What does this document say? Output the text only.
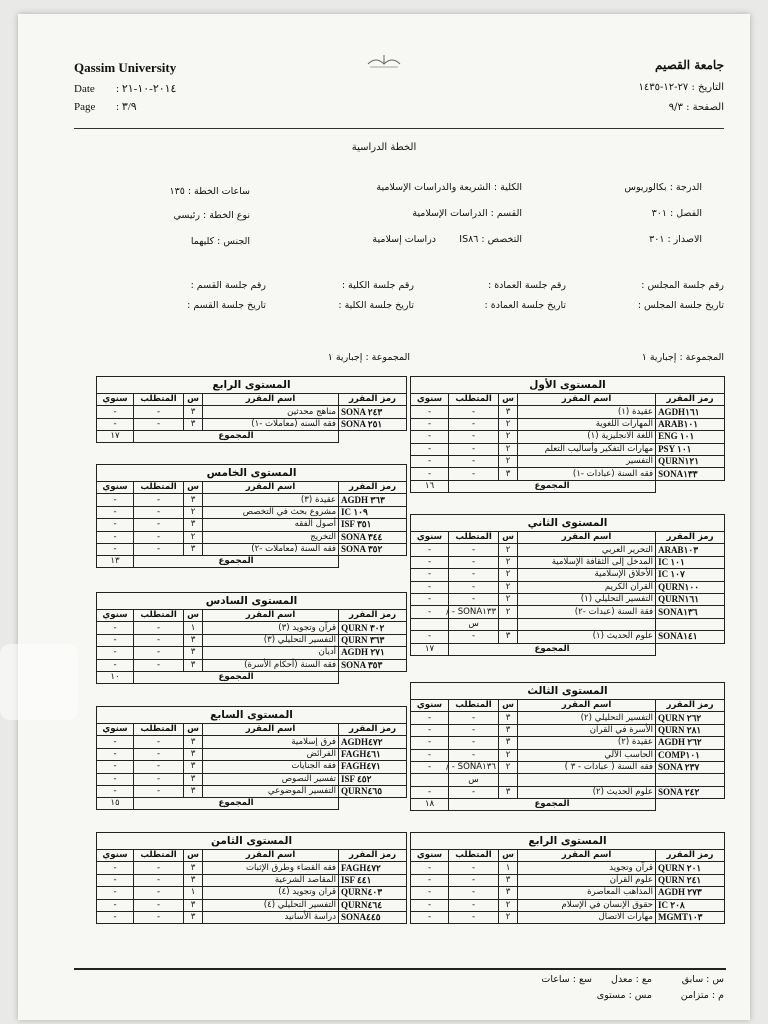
Qassim University
Date : ٢٠١٤-١٠-٢١
Page : ٣/٩
جامعة القصيم
التاريخ : ٢٧-١٢-١٤٣٥
الصفحة : ٩/٣
الخطة الدراسية
الدرجة : بكالوريوس
الكلية : الشريعة والدراسات الإسلامية
ساعات الخطة : ١٣٥
الفصل : ٣٠١
القسم : الدراسات الإسلامية
نوع الخطة : رئيسي
الاصدار : ٣٠١
التخصص : IS٨٦
دراسات إسلامية
الجنس : كليهما
رقم جلسة المجلس :
رقم جلسة العمادة :
رقم جلسة الكلية :
رقم جلسة القسم :
تاريخ جلسة المجلس :
تاريخ جلسة العمادة :
تاريخ جلسة الكلية :
تاريخ جلسة القسم :
المجموعة : إجبارية ١
المجموعة : إجبارية ١
المستوى الأول				
رمز المقرر	اسم المقرر	س	المتطلب	سنوي
AGDH١٦١	عقيدة (١)	٣	-	-
ARAB١٠١	المهارات اللغوية	٢	-	-
ENG ١٠١	اللغة الانجليزية (١)	٢	-	-
PSY ١٠١	مهارات التفكير وأساليب التعلم	٢	-	-
QURN١٢١	التفسير	٢	-	-
SONA١٣٣	فقه السنة (عبادات -١)	٣	-	-
	المجموع			١٦
المستوى الثاني				
رمز المقرر	اسم المقرر	س	المتطلب	سنوي
ARAB١٠٣	التحرير العربي	٢	-	-
IC ١٠١	المدخل إلى الثقافة الإسلامية	٢	-	-
IC ١٠٧	الأخلاق الإسلامية	٢	-	-
QURN١٠٠	القرآن الكريم	٢	-	-
QURN١٦١	التفسير التحليلي (١)	٢	-	-
SONA١٣٦	فقة السنة (عبدات -٢)	٢	SONA١٣٣ - /	-
			س	
SONA١٤١	علوم الحديث (١)	٣	-	-
	المجموع			١٧
المستوى الثالث				
رمز المقرر	اسم المقرر	س	المتطلب	سنوي
QURN ٢٦٢	التفسير التحليلي (٢)	٣	-	-
QURN ٢٨١	الأسرة في القرآن	٣	-	-
AGDH ٢٦٢	عقيدة (٢)	٣	-	-
COMP١٠١	الحاسب الآلي	٢	-	-
SONA ٢٣٧	فقه السنة ( عبادات - ٣ )	٢	SONA١٣٦ - /	-
			س	
SONA ٢٤٢	علوم الحديث (٢)	٣	-	-
	المجموع			١٨
المستوى الرابع				
رمز المقرر	اسم المقرر	س	المتطلب	سنوي
QURN ٢٠١	قرآن وتجويد	١	-	-
QURN ٢٤١	علوم القرآن	٣	-	-
AGDH ٢٧٣	المذاهب المعاصرة	٣	-	-
IC ٢٠٨	حقوق الإنسان في الإسلام	٢	-	-
MGMT١٠٣	مهارات الاتصال	٢	-	-
المستوى الرابع				
رمز المقرر	اسم المقرر	س	المتطلب	سنوي
SONA ٢٤٣	مناهج محدثين	٣	-	-
SONA ٢٥١	فقه السنه (معاملات -١)	٣	-	-
	المجموع			١٧
المستوى الخامس				
رمز المقرر	اسم المقرر	س	المتطلب	سنوي
AGDH ٣٦٣	عقيدة (٣)	٣	-	-
IC ١٠٩	مشروع بحث في التخصص	٢	-	-
ISF ٣٥١	أصول الفقه	٣	-	-
SONA ٣٤٤	التخريج	٢	-	-
SONA ٣٥٢	فقه السنة (معاملات -٢)	٣	-	-
	المجموع			١٣
المستوى السادس				
رمز المقرر	اسم المقرر	س	المتطلب	سنوي
QURN ٣٠٢	قرآن وتجويد (٣)	١	-	-
QURN ٣٦٣	التفسير التحليلي (٣)	٣	-	-
AGDH ٢٧١	أديان	٣	-	-
SONA ٣٥٣	فقه السنة (أحكام الأسرة)	٣	-	-
	المجموع			١٠
المستوى السابع				
رمز المقرر	اسم المقرر	س	المتطلب	سنوي
AGDH٤٧٢	فرق إسلامية	٣	-	-
FAGH٤٦١	الفرائض	٣	-	-
FAGH٤٧١	فقه الجنايات	٣	-	-
ISF ٤٥٢	تفسير النصوص	٣	-	-
QURN٤٦٥	التفسير الموضوعي	٣	-	-
	المجموع			١٥
المستوى الثامن				
رمز المقرر	اسم المقرر	س	المتطلب	سنوي
FAGH٤٧٢	فقه القضاء وطرق الإثبات	٣	-	-
ISF ٤٤١	المقاصد الشرعية	٣	-	-
QURN٤٠٣	قرآن وتجويد (٤)	١	-	-
QURN٤٦٤	التفسير التحليلي (٤)	٣	-	-
SONA٤٤٥	دراسة الأسانيد	٣	-	-
س : سابق
مع : معدل
سع : ساعات
م : متزامن
مس : مستوى
